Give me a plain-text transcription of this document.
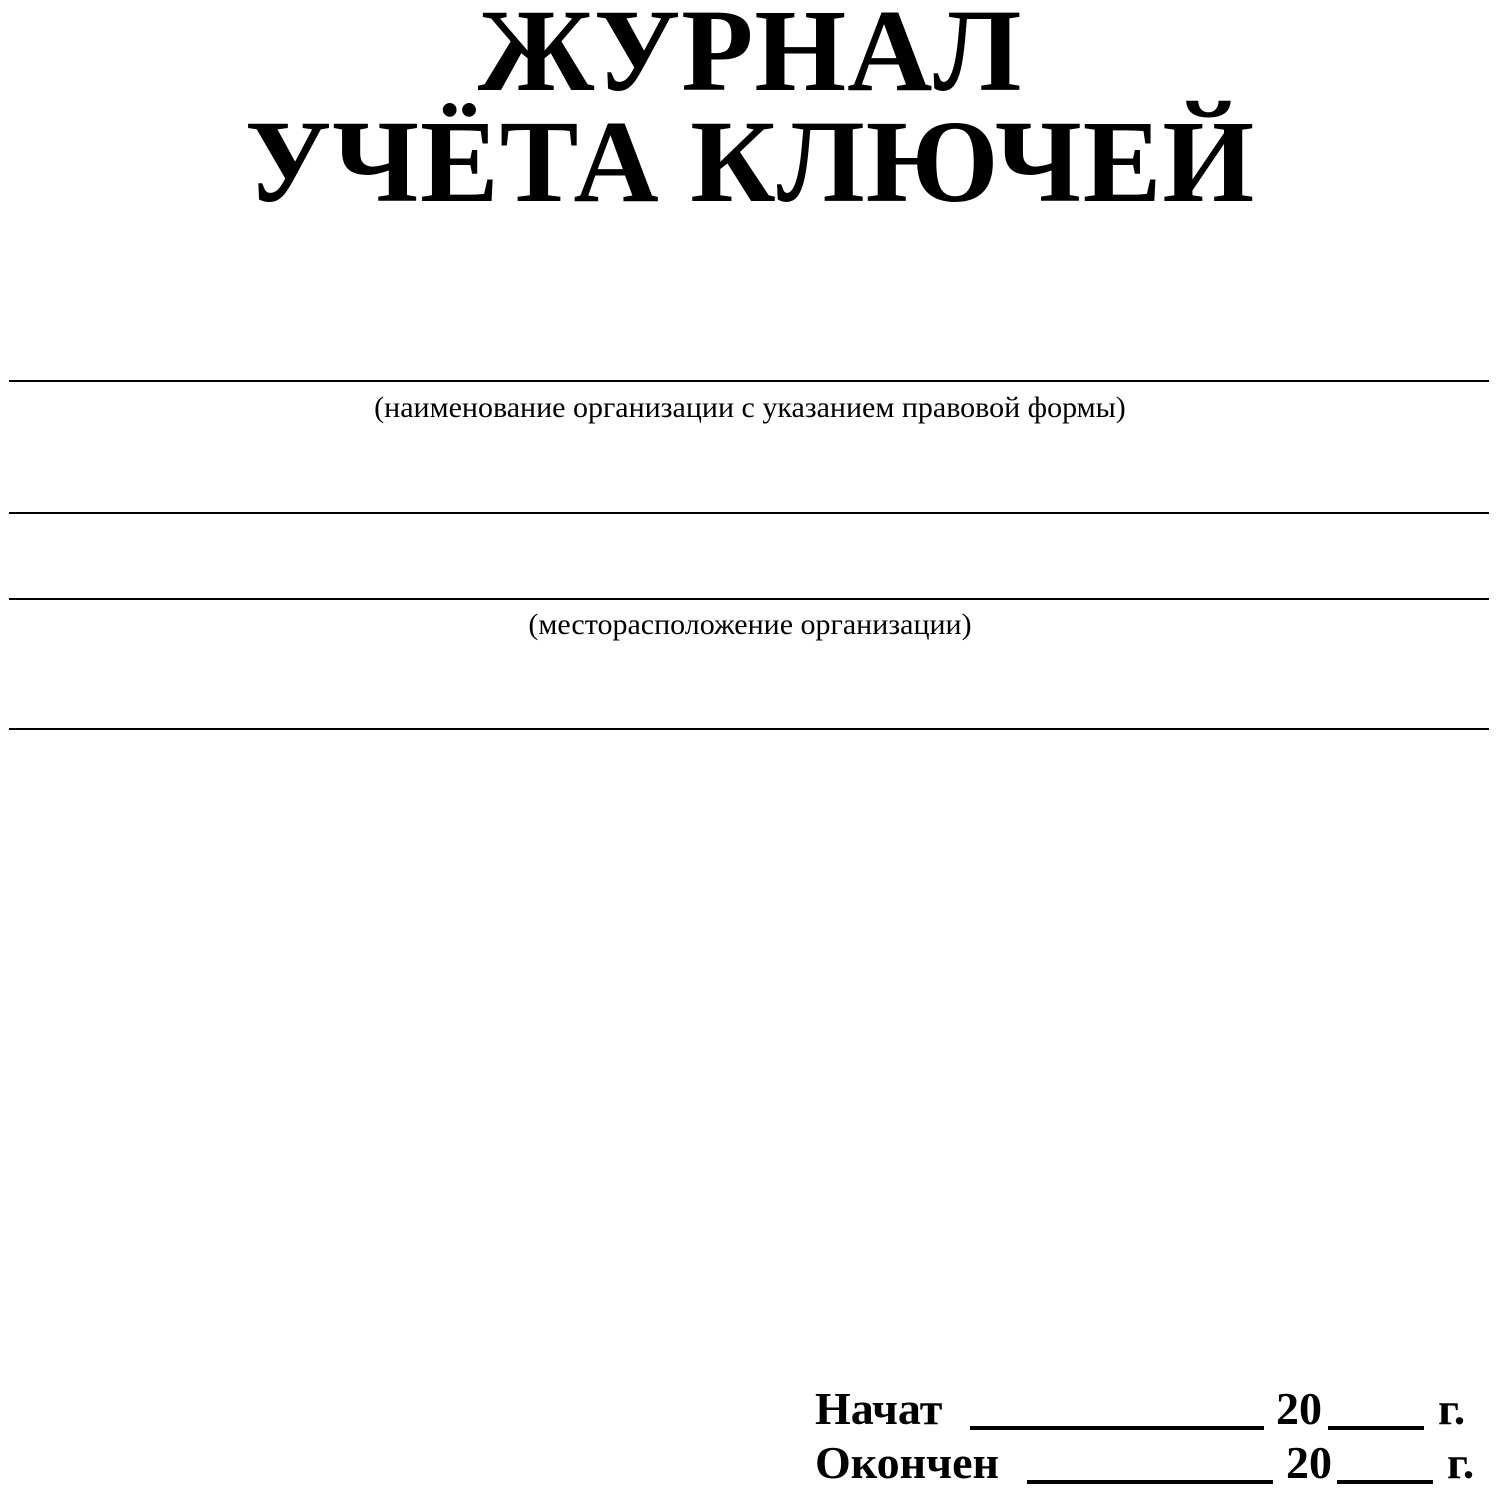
ЖУРНАЛ
УЧЁТА КЛЮЧЕЙ
(наименование организации с указанием правовой формы)
(месторасположение организации)
Начат	20	г.
Окончен	20	г.
